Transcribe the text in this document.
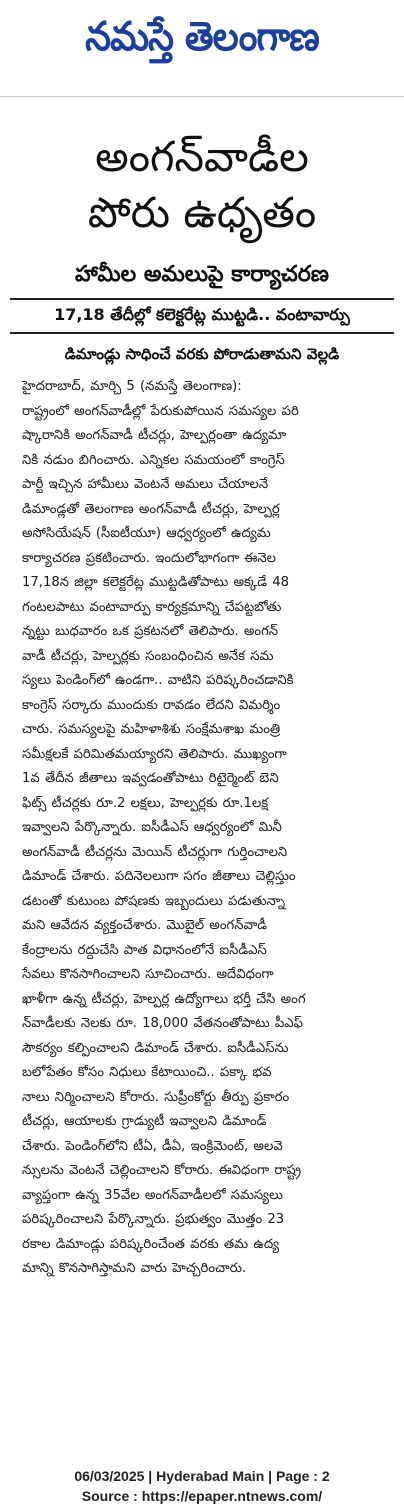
నమస్తే తెలంగాణ
అంగన్‌వాడీల
పోరు ఉధృతం
హామీల అమలుపై కార్యాచరణ
17,18 తేదీల్లో కలెక్టరేట్ల ముట్టడి.. వంటావార్పు
డిమాండ్లు సాధించే వరకు పోరాడుతామని వెల్లడి
హైదరాబాద్, మార్చి 5 (నమస్తే తెలంగాణ):
రాష్ట్రంలో అంగన్‌వాడీల్లో పేరుకుపోయిన సమస్యల పరి
ష్కారానికి అంగన్‌వాడీ టీచర్లు, హెల్పర్లంతా ఉద్యమా
నికి నడుం బిగించారు. ఎన్నికల సమయంలో కాంగ్రెస్
పార్టీ ఇచ్చిన హామీలు వెంటనే అమలు చేయాలనే
డిమాండ్లతో తెలంగాణ అంగన్‌వాడీ టీచర్లు, హెల్పర్ల
అసోసియేషన్ (సీఐటీయూ) ఆధ్వర్యంలో ఉద్యమ
కార్యాచరణ ప్రకటించారు. ఇందులోభాగంగా ఈనెల
17,18న జిల్లా కలెక్టరేట్ల ముట్టడితోపాటు అక్కడే 48
గంటలపాటు వంటావార్పు కార్యక్రమాన్ని చేపట్టబోతు
న్నట్టు బుధవారం ఒక ప్రకటనలో తెలిపారు. అంగన్
వాడీ టీచర్లు, హెల్పర్లకు సంబంధించిన అనేక సమ
స్యలు పెండింగ్‌లో ఉండగా.. వాటిని పరిష్కరించడానికి
కాంగ్రెస్ సర్కారు ముందుకు రావడం లేదని విమర్శిం
చారు. సమస్యలపై మహిళాశిశు సంక్షేమశాఖ మంత్రి
సమీక్షలకే పరిమితమయ్యారని తెలిపారు. ముఖ్యంగా
1వ తేదీన జీతాలు ఇవ్వడంతోపాటు రిటైర్మెంట్ బెని
ఫిట్స్ టీచర్లకు రూ.2 లక్షలు, హెల్పర్లకు రూ.1లక్ష
ఇవ్వాలని పేర్కొన్నారు. ఐసీడీఎస్ ఆధ్వర్యంలో మినీ
అంగన్‌వాడీ టీచర్లను మెయిన్ టీచర్లుగా గుర్తించాలని
డిమాండ్ చేశారు. పదినెలలుగా సగం జీతాలు చెల్లిస్తుం
డటంతో కుటుంబ పోషణకు ఇబ్బందులు పడుతున్నా
మని ఆవేదన వ్యక్తంచేశారు. మొబైల్ అంగన్‌వాడీ
కేంద్రాలను రద్దుచేసి పాత విధానంలోనే ఐసీడీఎస్
సేవలు కొనసాగించాలని సూచించారు. అదేవిధంగా
ఖాళీగా ఉన్న టీచర్లు, హెల్పర్ల ఉద్యోగాలు భర్తీ చేసి అంగ
న్‌వాడీలకు నెలకు రూ. 18,000 వేతనంతోపాటు పీఎఫ్
సౌకర్యం కల్పించాలని డిమాండ్ చేశారు. ఐసీడీఎస్‌ను
బలోపేతం కోసం నిధులు కేటాయించి.. పక్కా భవ
నాలు నిర్మించాలని కోరారు. సుప్రీంకోర్టు తీర్పు ప్రకారం
టీచర్లు, ఆయాలకు గ్రాడ్యుటీ ఇవ్వాలని డిమాండ్
చేశారు. పెండింగ్‌లోని టీఏ, డీఏ, ఇంక్రిమెంట్, అలవె
న్సులను వెంటనే చెల్లించాలని కోరారు. ఈవిధంగా రాష్ట్ర
వ్యాప్తంగా ఉన్న 35వేల అంగన్‌వాడీలలో సమస్యలు
పరిష్కరించాలని పేర్కొన్నారు. ప్రభుత్వం మొత్తం 23
రకాల డిమాండ్లు పరిష్కరించేంత వరకు తమ ఉద్య
మాన్ని కొనసాగిస్తామని వారు హెచ్చరించారు.
06/03/2025 | Hyderabad Main | Page : 2
Source : https://epaper.ntnews.com/
